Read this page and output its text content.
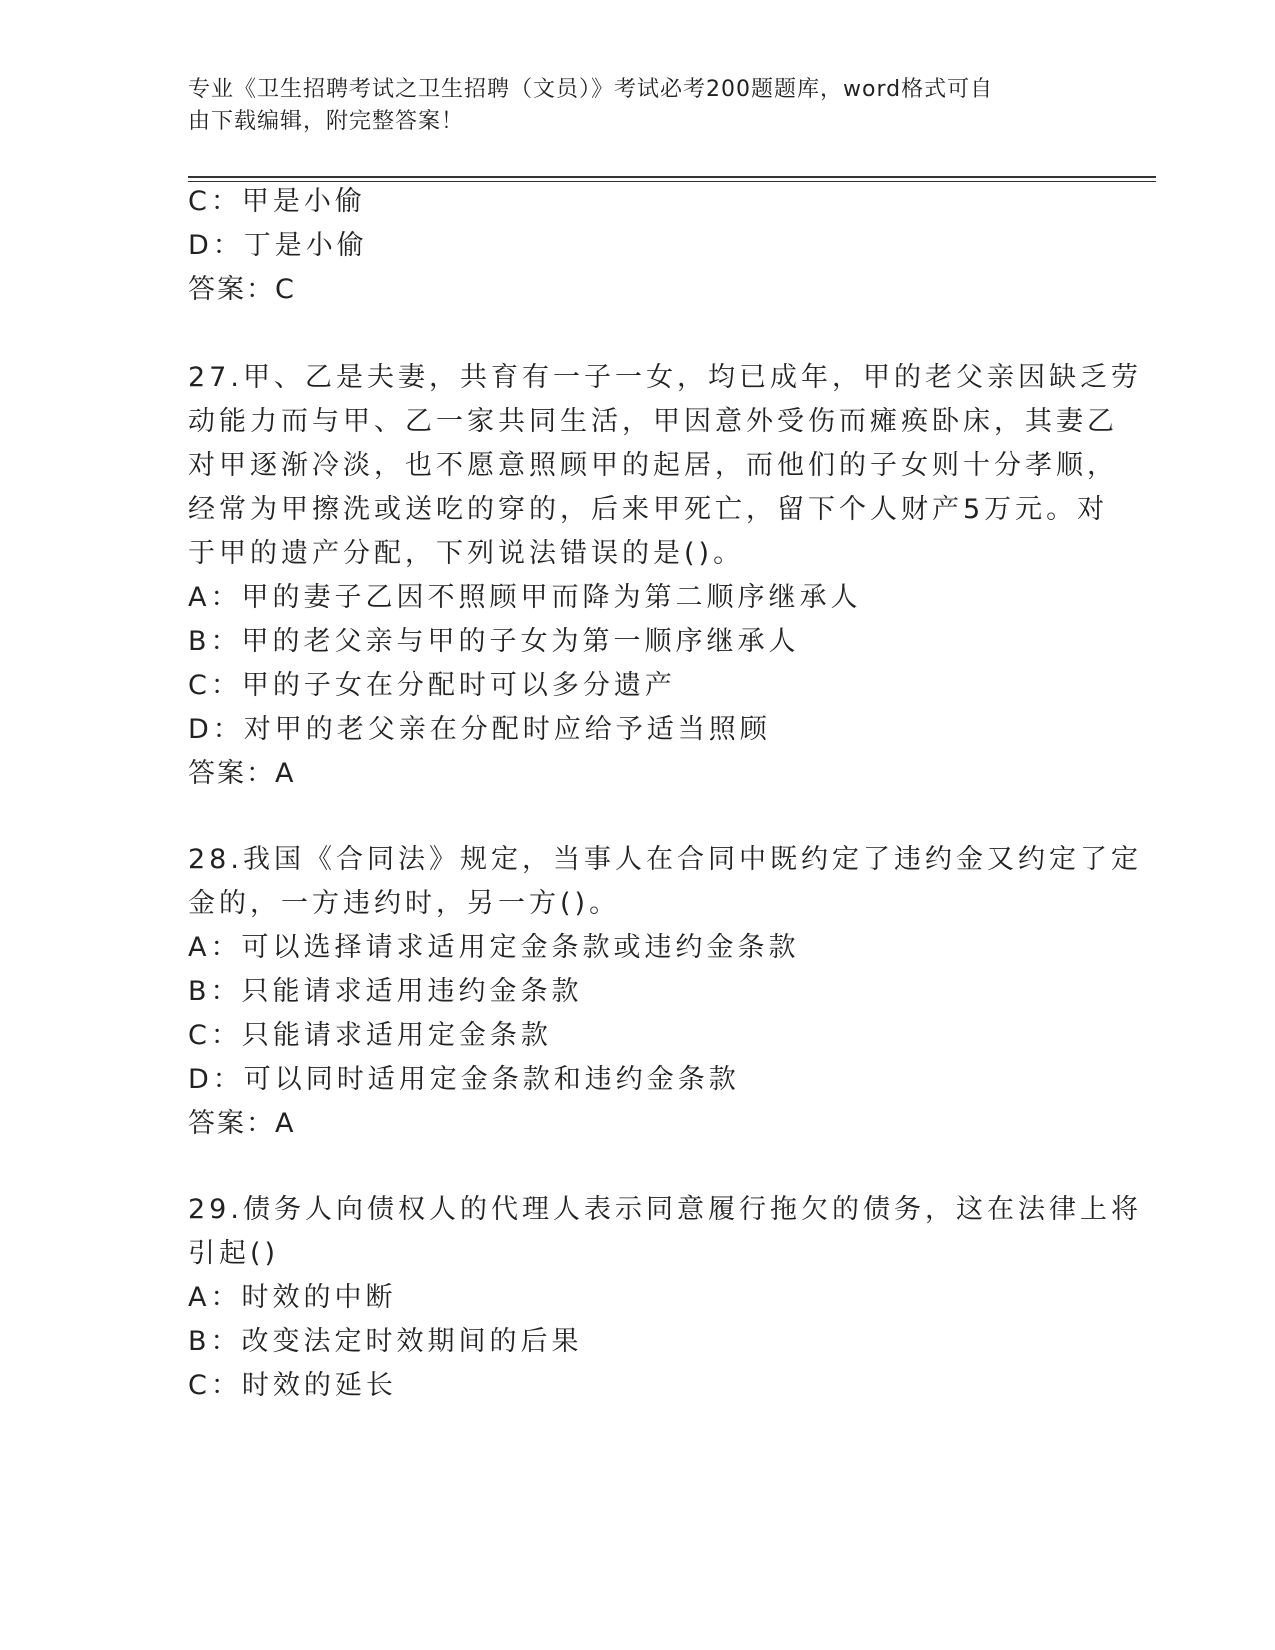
专业《卫生招聘考试之卫生招聘（文员）》考试必考200题题库，word格式可自
由下载编辑，附完整答案！
C：甲是小偷
D：丁是小偷
答案：C
27.甲、乙是夫妻，共育有一子一女，均已成年，甲的老父亲因缺乏劳
动能力而与甲、乙一家共同生活，甲因意外受伤而瘫痪卧床，其妻乙
对甲逐渐冷淡，也不愿意照顾甲的起居，而他们的子女则十分孝顺，
经常为甲擦洗或送吃的穿的，后来甲死亡，留下个人财产5万元。对
于甲的遗产分配，下列说法错误的是()。
A：甲的妻子乙因不照顾甲而降为第二顺序继承人
B：甲的老父亲与甲的子女为第一顺序继承人
C：甲的子女在分配时可以多分遗产
D：对甲的老父亲在分配时应给予适当照顾
答案：A
28.我国《合同法》规定，当事人在合同中既约定了违约金又约定了定
金的，一方违约时，另一方()。
A：可以选择请求适用定金条款或违约金条款
B：只能请求适用违约金条款
C：只能请求适用定金条款
D：可以同时适用定金条款和违约金条款
答案：A
29.债务人向债权人的代理人表示同意履行拖欠的债务，这在法律上将
引起()
A：时效的中断
B：改变法定时效期间的后果
C：时效的延长
